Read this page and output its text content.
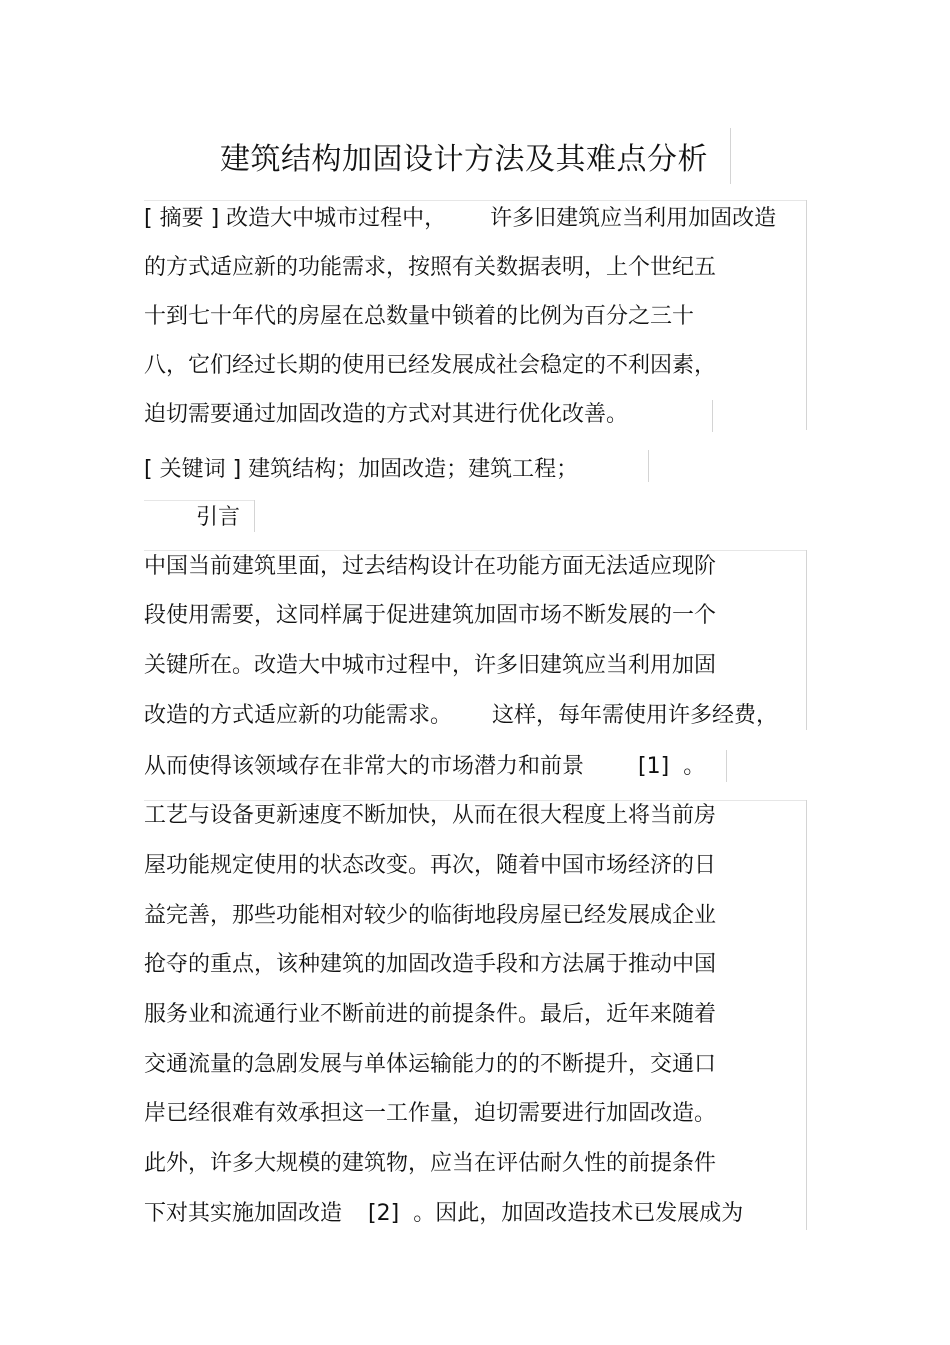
建筑结构加固设计方法及其难点分析
[ 摘要 ] 改造大中城市过程中， 许多旧建筑应当利用加固改造
的方式适应新的功能需求，按照有关数据表明，上个世纪五
十到七十年代的房屋在总数量中锁着的比例为百分之三十
八，它们经过长期的使用已经发展成社会稳定的不利因素，
迫切需要通过加固改造的方式对其进行优化改善。
[ 关键词 ] 建筑结构；加固改造；建筑工程；
引言
中国当前建筑里面，过去结构设计在功能方面无法适应现阶
段使用需要，这同样属于促进建筑加固市场不断发展的一个
关键所在。改造大中城市过程中，许多旧建筑应当利用加固
改造的方式适应新的功能需求。 这样，每年需使用许多经费，
从而使得该领域存在非常大的市场潜力和前景 [1] 。
工艺与设备更新速度不断加快，从而在很大程度上将当前房
屋功能规定使用的状态改变。再次，随着中国市场经济的日
益完善，那些功能相对较少的临街地段房屋已经发展成企业
抢夺的重点，该种建筑的加固改造手段和方法属于推动中国
服务业和流通行业不断前进的前提条件。最后，近年来随着
交通流量的急剧发展与单体运输能力的的不断提升，交通口
岸已经很难有效承担这一工作量，迫切需要进行加固改造。
此外，许多大规模的建筑物，应当在评估耐久性的前提条件
下对其实施加固改造 [2] 。因此，加固改造技术已发展成为
